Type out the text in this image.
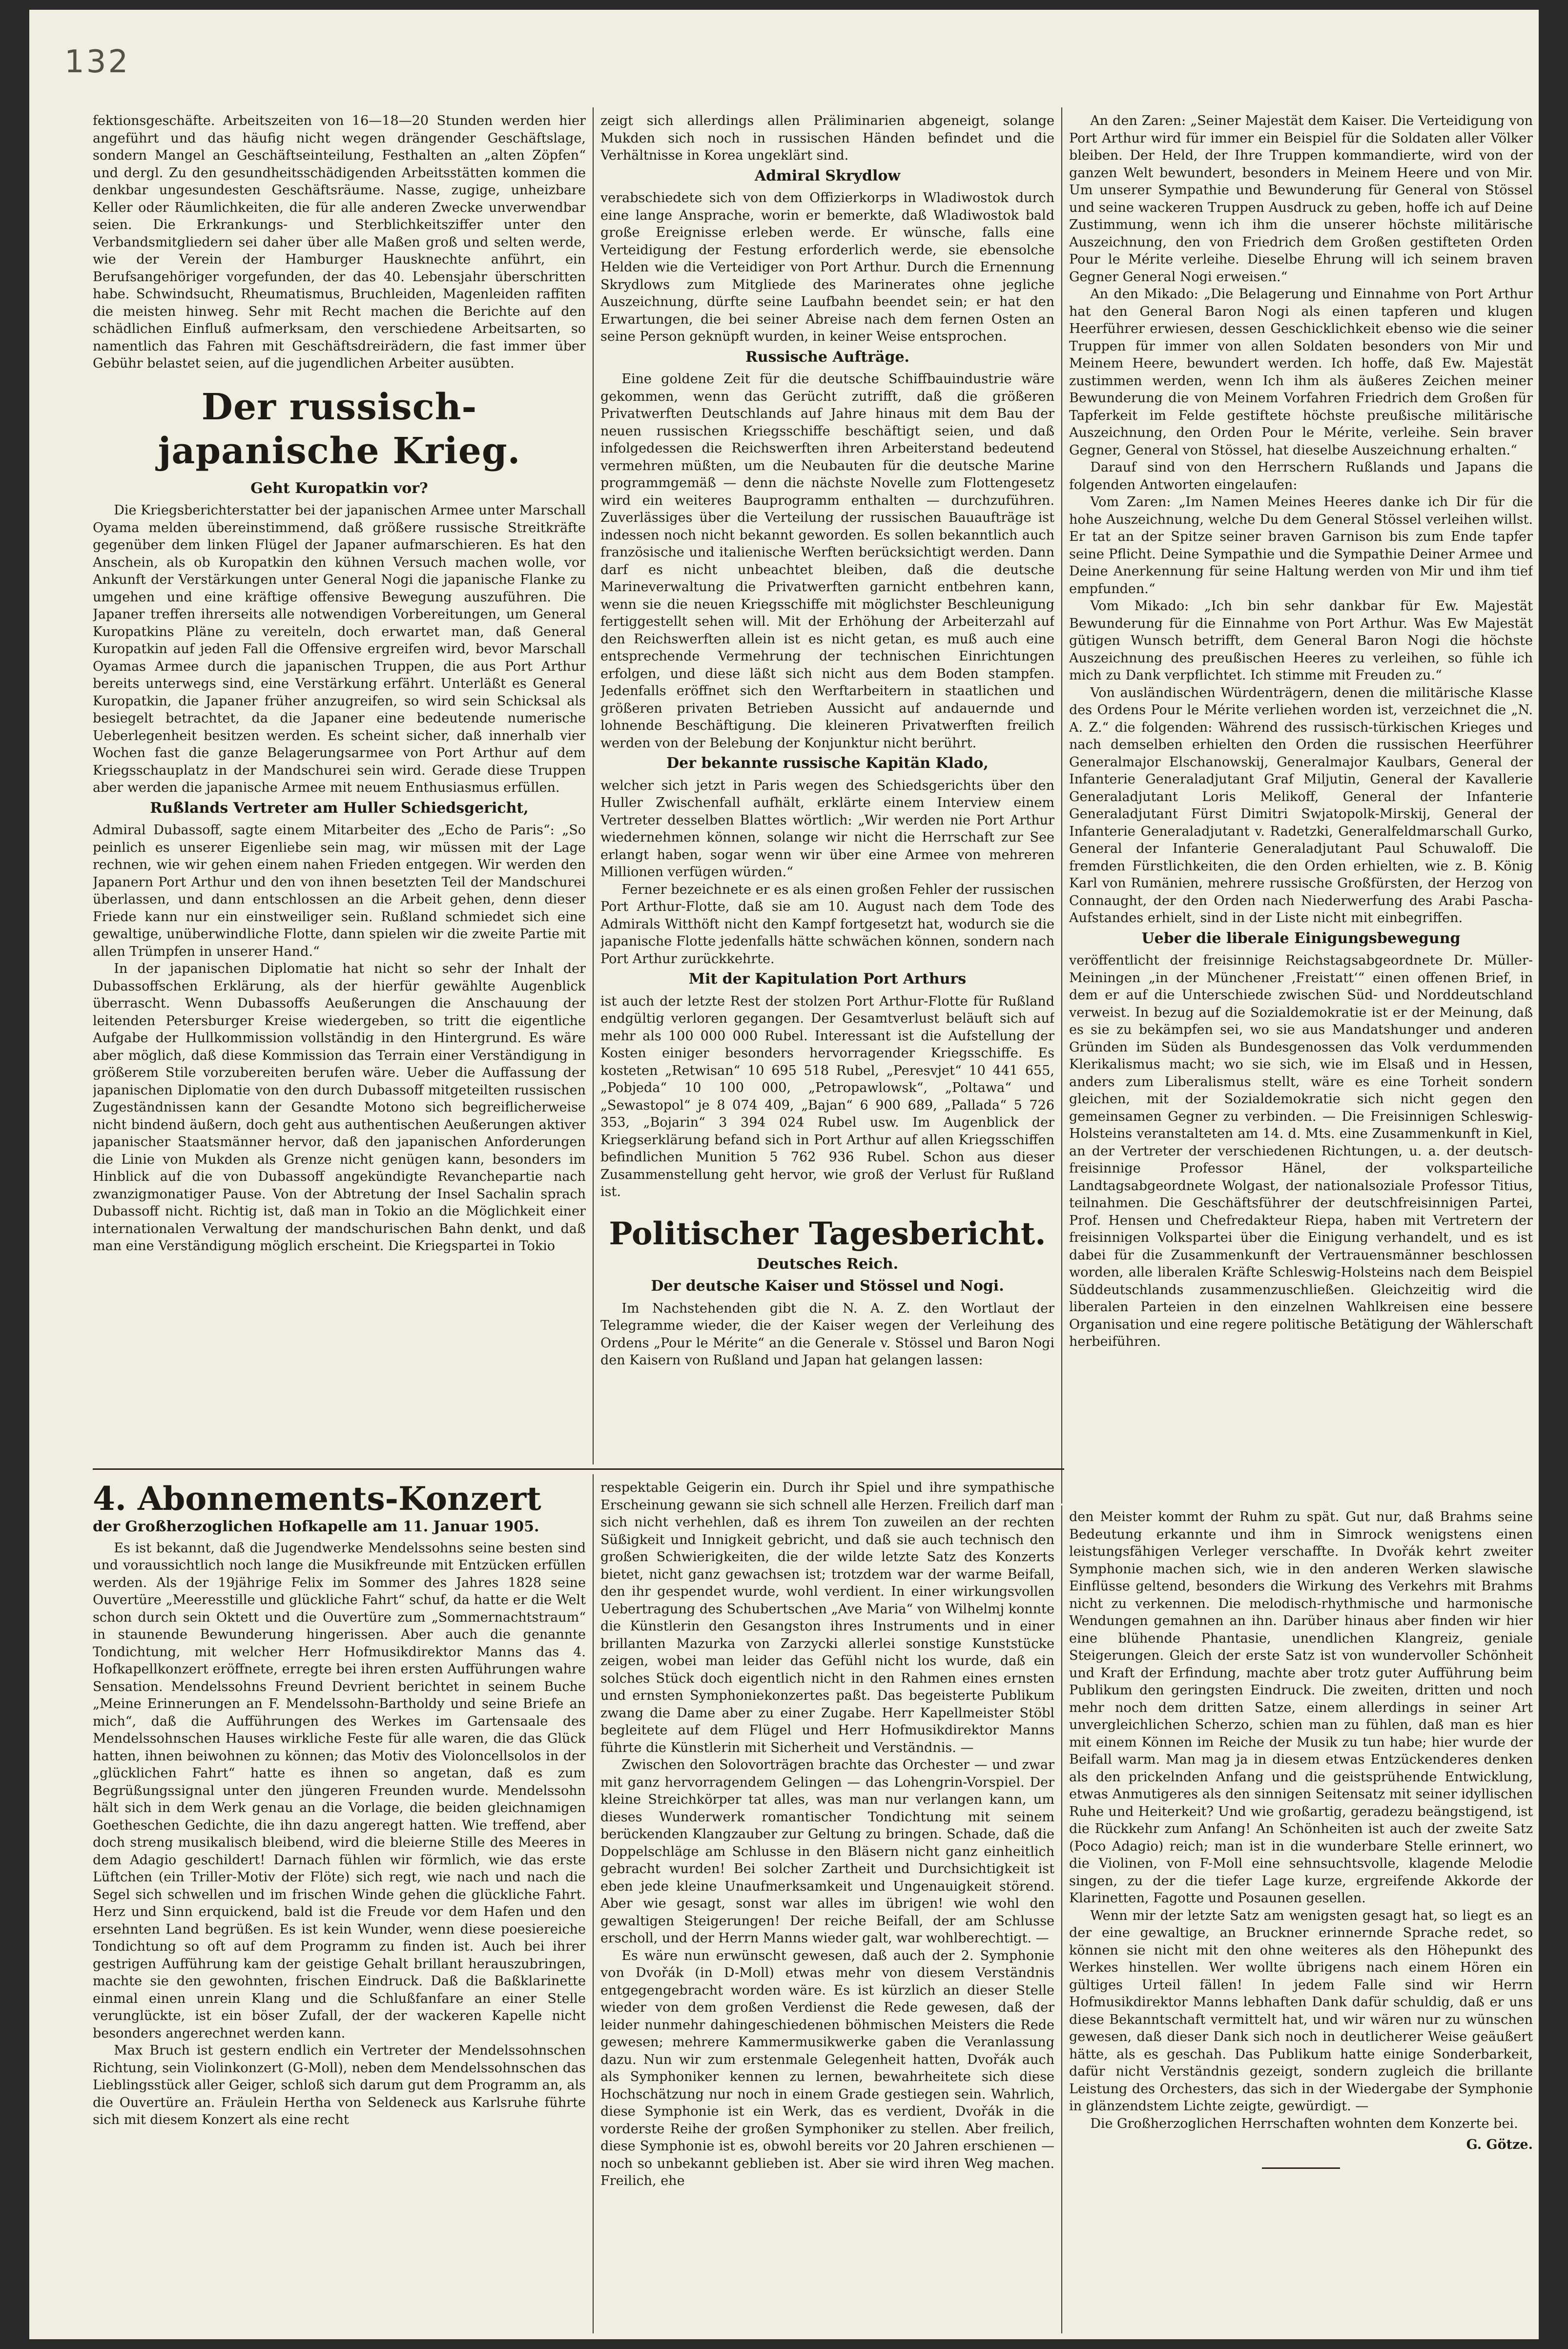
132

fektionsgeschäfte. Arbeitszeiten von 16—18—20 Stunden werden hier angeführt und das häufig nicht wegen drängender Geschäftslage, sondern Mangel an Geschäftseinteilung, Festhalten an „alten Zöpfen“ und dergl. Zu den gesundheitsschädigenden Arbeitsstätten kommen die denkbar ungesundesten Geschäftsräume. Nasse, zugige, unheizbare Keller oder Räumlichkeiten, die für alle anderen Zwecke unverwendbar seien. Die Erkrankungs- und Sterblichkeitsziffer unter den Verbandsmitgliedern sei daher über alle Maßen groß und selten werde, wie der Verein der Hamburger Hausknechte anführt, ein Berufsangehöriger vorgefunden, der das 40. Lebensjahr überschritten habe. Schwindsucht, Rheumatismus, Bruchleiden, Magenleiden raffiten die meisten hinweg. Sehr mit Recht machen die Berichte auf den schädlichen Einfluß aufmerksam, den verschiedene Arbeitsarten, so namentlich das Fahren mit Geschäftsdreirädern, die fast immer über Gebühr belastet seien, auf die jugendlichen Arbeiter ausübten.

Der russisch-japanische Krieg.
Geht Kuropatkin vor?

Die Kriegsberichterstatter bei der japanischen Armee unter Marschall Oyama melden übereinstimmend, daß größere russische Streitkräfte gegenüber dem linken Flügel der Japaner aufmarschieren. Es hat den Anschein, als ob Kuropatkin den kühnen Versuch machen wolle, vor Ankunft der Verstärkungen unter General Nogi die japanische Flanke zu umgehen und eine kräftige offensive Bewegung auszuführen. Die Japaner treffen ihrerseits alle notwendigen Vorbereitungen, um General Kuropatkins Pläne zu vereiteln, doch erwartet man, daß General Kuropatkin auf jeden Fall die Offensive ergreifen wird, bevor Marschall Oyamas Armee durch die japanischen Truppen, die aus Port Arthur bereits unterwegs sind, eine Verstärkung erfährt. Unterläßt es General Kuropatkin, die Japaner früher anzugreifen, so wird sein Schicksal als besiegelt betrachtet, da die Japaner eine bedeutende numerische Ueberlegenheit besitzen werden. Es scheint sicher, daß innerhalb vier Wochen fast die ganze Belagerungsarmee von Port Arthur auf dem Kriegsschauplatz in der Mandschurei sein wird. Gerade diese Truppen aber werden die japanische Armee mit neuem Enthusiasmus erfüllen.

Rußlands Vertreter am Huller Schiedsgericht,

Admiral Dubassoff, sagte einem Mitarbeiter des „Echo de Paris“: „So peinlich es unserer Eigenliebe sein mag, wir müssen mit der Lage rechnen, wie wir gehen einem nahen Frieden entgegen. Wir werden den Japanern Port Arthur und den von ihnen besetzten Teil der Mandschurei überlassen, und dann entschlossen an die Arbeit gehen, denn dieser Friede kann nur ein einstweiliger sein. Rußland schmiedet sich eine gewaltige, unüberwindliche Flotte, dann spielen wir die zweite Partie mit allen Trümpfen in unserer Hand.“

In der japanischen Diplomatie hat nicht so sehr der Inhalt der Dubassoffschen Erklärung, als der hierfür gewählte Augenblick überrascht. Wenn Dubassoffs Aeußerungen die Anschauung der leitenden Petersburger Kreise wiedergeben, so tritt die eigentliche Aufgabe der Hullkommission vollständig in den Hintergrund. Es wäre aber möglich, daß diese Kommission das Terrain einer Verständigung in größerem Stile vorzubereiten berufen wäre. Ueber die Auffassung der japanischen Diplomatie von den durch Dubassoff mitgeteilten russischen Zugeständnissen kann der Gesandte Motono sich begreiflicherweise nicht bindend äußern, doch geht aus authentischen Aeußerungen aktiver japanischer Staatsmänner hervor, daß den japanischen Anforderungen die Linie von Mukden als Grenze nicht genügen kann, besonders im Hinblick auf die von Dubassoff angekündigte Revanchepartie nach zwanzigmonatiger Pause. Von der Abtretung der Insel Sachalin sprach Dubassoff nicht. Richtig ist, daß man in Tokio an die Möglichkeit einer internationalen Verwaltung der mandschurischen Bahn denkt, und daß man eine Verständigung möglich erscheint. Die Kriegspartei in Tokio

zeigt sich allerdings allen Präliminarien abgeneigt, solange Mukden sich noch in russischen Händen befindet und die Verhältnisse in Korea ungeklärt sind.

Admiral Skrydlow

verabschiedete sich von dem Offizierkorps in Wladiwostok durch eine lange Ansprache, worin er bemerkte, daß Wladiwostok bald große Ereignisse erleben werde. Er wünsche, falls eine Verteidigung der Festung erforderlich werde, sie ebensolche Helden wie die Verteidiger von Port Arthur. Durch die Ernennung Skrydlows zum Mitgliede des Marinerates ohne jegliche Auszeichnung, dürfte seine Laufbahn beendet sein; er hat den Erwartungen, die bei seiner Abreise nach dem fernen Osten an seine Person geknüpft wurden, in keiner Weise entsprochen.

Russische Aufträge.

Eine goldene Zeit für die deutsche Schiffbauindustrie wäre gekommen, wenn das Gerücht zutrifft, daß die größeren Privatwerften Deutschlands auf Jahre hinaus mit dem Bau der neuen russischen Kriegsschiffe beschäftigt seien, und daß infolgedessen die Reichswerften ihren Arbeiterstand bedeutend vermehren müßten, um die Neubauten für die deutsche Marine programmgemäß — denn die nächste Novelle zum Flottengesetz wird ein weiteres Bauprogramm enthalten — durchzuführen. Zuverlässiges über die Verteilung der russischen Bauaufträge ist indessen noch nicht bekannt geworden. Es sollen bekanntlich auch französische und italienische Werften berücksichtigt werden. Dann darf es nicht unbeachtet bleiben, daß die deutsche Marineverwaltung die Privatwerften garnicht entbehren kann, wenn sie die neuen Kriegsschiffe mit möglichster Beschleunigung fertiggestellt sehen will. Mit der Erhöhung der Arbeiterzahl auf den Reichswerften allein ist es nicht getan, es muß auch eine entsprechende Vermehrung der technischen Einrichtungen erfolgen, und diese läßt sich nicht aus dem Boden stampfen. Jedenfalls eröffnet sich den Werftarbeitern in staatlichen und größeren privaten Betrieben Aussicht auf andauernde und lohnende Beschäftigung. Die kleineren Privatwerften freilich werden von der Belebung der Konjunktur nicht berührt.

Der bekannte russische Kapitän Klado,

welcher sich jetzt in Paris wegen des Schiedsgerichts über den Huller Zwischenfall aufhält, erklärte einem Interview einem Vertreter desselben Blattes wörtlich: „Wir werden nie Port Arthur wiedernehmen können, solange wir nicht die Herrschaft zur See erlangt haben, sogar wenn wir über eine Armee von mehreren Millionen verfügen würden.“

Ferner bezeichnete er es als einen großen Fehler der russischen Port Arthur-Flotte, daß sie am 10. August nach dem Tode des Admirals Witthöft nicht den Kampf fortgesetzt hat, wodurch sie die japanische Flotte jedenfalls hätte schwächen können, sondern nach Port Arthur zurückkehrte.

Mit der Kapitulation Port Arthurs

ist auch der letzte Rest der stolzen Port Arthur-Flotte für Rußland endgültig verloren gegangen. Der Gesamtverlust beläuft sich auf mehr als 100 000 000 Rubel. Interessant ist die Aufstellung der Kosten einiger besonders hervorragender Kriegsschiffe. Es kosteten „Retwisan“ 10 695 518 Rubel, „Peresvjet“ 10 441 655, „Pobjeda“ 10 100 000, „Petropawlowsk“, „Poltawa“ und „Sewastopol“ je 8 074 409, „Bajan“ 6 900 689, „Pallada“ 5 726 353, „Bojarin“ 3 394 024 Rubel usw. Im Augenblick der Kriegserklärung befand sich in Port Arthur auf allen Kriegsschiffen befindlichen Munition 5 762 936 Rubel. Schon aus dieser Zusammenstellung geht hervor, wie groß der Verlust für Rußland ist.

Politischer Tagesbericht.
Deutsches Reich.
Der deutsche Kaiser und Stössel und Nogi.

Im Nachstehenden gibt die N. A. Z. den Wortlaut der Telegramme wieder, die der Kaiser wegen der Verleihung des Ordens „Pour le Mérite“ an die Generale v. Stössel und Baron Nogi den Kaisern von Rußland und Japan hat gelangen lassen:

An den Zaren: „Seiner Majestät dem Kaiser. Die Verteidigung von Port Arthur wird für immer ein Beispiel für die Soldaten aller Völker bleiben. Der Held, der Ihre Truppen kommandierte, wird von der ganzen Welt bewundert, besonders in Meinem Heere und von Mir. Um unserer Sympathie und Bewunderung für General von Stössel und seine wackeren Truppen Ausdruck zu geben, hoffe ich auf Deine Zustimmung, wenn ich ihm die unserer höchste militärische Auszeichnung, den von Friedrich dem Großen gestifteten Orden Pour le Mérite verleihe. Dieselbe Ehrung will ich seinem braven Gegner General Nogi erweisen.“

An den Mikado: „Die Belagerung und Einnahme von Port Arthur hat den General Baron Nogi als einen tapferen und klugen Heerführer erwiesen, dessen Geschicklichkeit ebenso wie die seiner Truppen für immer von allen Soldaten besonders von Mir und Meinem Heere, bewundert werden. Ich hoffe, daß Ew. Majestät zustimmen werden, wenn Ich ihm als äußeres Zeichen meiner Bewunderung die von Meinem Vorfahren Friedrich dem Großen für Tapferkeit im Felde gestiftete höchste preußische militärische Auszeichnung, den Orden Pour le Mérite, verleihe. Sein braver Gegner, General von Stössel, hat dieselbe Auszeichnung erhalten.“

Darauf sind von den Herrschern Rußlands und Japans die folgenden Antworten eingelaufen:

Vom Zaren: „Im Namen Meines Heeres danke ich Dir für die hohe Auszeichnung, welche Du dem General Stössel verleihen willst. Er tat an der Spitze seiner braven Garnison bis zum Ende tapfer seine Pflicht. Deine Sympathie und die Sympathie Deiner Armee und Deine Anerkennung für seine Haltung werden von Mir und ihm tief empfunden.“

Vom Mikado: „Ich bin sehr dankbar für Ew. Majestät Bewunderung für die Einnahme von Port Arthur. Was Ew Majestät gütigen Wunsch betrifft, dem General Baron Nogi die höchste Auszeichnung des preußischen Heeres zu verleihen, so fühle ich mich zu Dank verpflichtet. Ich stimme mit Freuden zu.“

Von ausländischen Würdenträgern, denen die militärische Klasse des Ordens Pour le Mérite verliehen worden ist, verzeichnet die „N. A. Z.“ die folgenden: Während des russisch-türkischen Krieges und nach demselben erhielten den Orden die russischen Heerführer Generalmajor Elschanowskij, Generalmajor Kaulbars, General der Infanterie Generaladjutant Graf Miljutin, General der Kavallerie Generaladjutant Loris Melikoff, General der Infanterie Generaladjutant Fürst Dimitri Swjatopolk-Mirskij, General der Infanterie Generaladjutant v. Radetzki, Generalfeldmarschall Gurko, General der Infanterie Generaladjutant Paul Schuwaloff. Die fremden Fürstlichkeiten, die den Orden erhielten, wie z. B. König Karl von Rumänien, mehrere russische Großfürsten, der Herzog von Connaught, der den Orden nach Niederwerfung des Arabi Pascha-Aufstandes erhielt, sind in der Liste nicht mit einbegriffen.

Ueber die liberale Einigungsbewegung

veröffentlicht der freisinnige Reichstagsabgeordnete Dr. Müller-Meiningen „in der Münchener ‚Freistatt‘“ einen offenen Brief, in dem er auf die Unterschiede zwischen Süd- und Norddeutschland verweist. In bezug auf die Sozialdemokratie ist er der Meinung, daß es sie zu bekämpfen sei, wo sie aus Mandatshunger und anderen Gründen im Süden als Bundesgenossen das Volk verdummenden Klerikalismus macht; wo sie sich, wie im Elsaß und in Hessen, anders zum Liberalismus stellt, wäre es eine Torheit sondern gleichen, mit der Sozialdemokratie sich nicht gegen den gemeinsamen Gegner zu verbinden. — Die Freisinnigen Schleswig-Holsteins veranstalteten am 14. d. Mts. eine Zusammenkunft in Kiel, an der Vertreter der verschiedenen Richtungen, u. a. der deutsch-freisinnige Professor Hänel, der volksparteiliche Landtagsabgeordnete Wolgast, der nationalsoziale Professor Titius, teilnahmen. Die Geschäftsführer der deutschfreisinnigen Partei, Prof. Hensen und Chefredakteur Riepa, haben mit Vertretern der freisinnigen Volkspartei über die Einigung verhandelt, und es ist dabei für die Zusammenkunft der Vertrauensmänner beschlossen worden, alle liberalen Kräfte Schleswig-Holsteins nach dem Beispiel Süddeutschlands zusammenzuschließen. Gleichzeitig wird die liberalen Parteien in den einzelnen Wahlkreisen eine bessere Organisation und eine regere politische Betätigung der Wählerschaft herbeiführen.

4. Abonnements-Konzert
der Großherzoglichen Hofkapelle am 11. Januar 1905.

Es ist bekannt, daß die Jugendwerke Mendelssohns seine besten sind und voraussichtlich noch lange die Musikfreunde mit Entzücken erfüllen werden. Als der 19jährige Felix im Sommer des Jahres 1828 seine Ouvertüre „Meeresstille und glückliche Fahrt“ schuf, da hatte er die Welt schon durch sein Oktett und die Ouvertüre zum „Sommernachtstraum“ in staunende Bewunderung hingerissen. Aber auch die genannte Tondichtung, mit welcher Herr Hofmusikdirektor Manns das 4. Hofkapellkonzert eröffnete, erregte bei ihren ersten Aufführungen wahre Sensation. Mendelssohns Freund Devrient berichtet in seinem Buche „Meine Erinnerungen an F. Mendelssohn-Bartholdy und seine Briefe an mich“, daß die Aufführungen des Werkes im Gartensaale des Mendelssohnschen Hauses wirkliche Feste für alle waren, die das Glück hatten, ihnen beiwohnen zu können; das Motiv des Violoncellsolos in der „glücklichen Fahrt“ hatte es ihnen so angetan, daß es zum Begrüßungssignal unter den jüngeren Freunden wurde. Mendelssohn hält sich in dem Werk genau an die Vorlage, die beiden gleichnamigen Goetheschen Gedichte, die ihn dazu angeregt hatten. Wie treffend, aber doch streng musikalisch bleibend, wird die bleierne Stille des Meeres in dem Adagio geschildert! Darnach fühlen wir förmlich, wie das erste Lüftchen (ein Triller-Motiv der Flöte) sich regt, wie nach und nach die Segel sich schwellen und im frischen Winde gehen die glückliche Fahrt. Herz und Sinn erquickend, bald ist die Freude vor dem Hafen und den ersehnten Land begrüßen. Es ist kein Wunder, wenn diese poesiereiche Tondichtung so oft auf dem Programm zu finden ist. Auch bei ihrer gestrigen Aufführung kam der geistige Gehalt brillant herauszubringen, machte sie den gewohnten, frischen Eindruck. Daß die Baßklarinette einmal einen unrein Klang und die Schlußfanfare an einer Stelle verunglückte, ist ein böser Zufall, der der wackeren Kapelle nicht besonders angerechnet werden kann.

Max Bruch ist gestern endlich ein Vertreter der Mendelssohnschen Richtung, sein Violinkonzert (G-Moll), neben dem Mendelssohnschen das Lieblingsstück aller Geiger, schloß sich darum gut dem Programm an, als die Ouvertüre an. Fräulein Hertha von Seldeneck aus Karlsruhe führte sich mit diesem Konzert als eine recht

respektable Geigerin ein. Durch ihr Spiel und ihre sympathische Erscheinung gewann sie sich schnell alle Herzen. Freilich darf man sich nicht verhehlen, daß es ihrem Ton zuweilen an der rechten Süßigkeit und Innigkeit gebricht, und daß sie auch technisch den großen Schwierigkeiten, die der wilde letzte Satz des Konzerts bietet, nicht ganz gewachsen ist; trotzdem war der warme Beifall, den ihr gespendet wurde, wohl verdient. In einer wirkungsvollen Uebertragung des Schubertschen „Ave Maria“ von Wilhelmj konnte die Künstlerin den Gesangston ihres Instruments und in einer brillanten Mazurka von Zarzycki allerlei sonstige Kunststücke zeigen, wobei man leider das Gefühl nicht los wurde, daß ein solches Stück doch eigentlich nicht in den Rahmen eines ernsten und ernsten Symphoniekonzertes paßt. Das begeisterte Publikum zwang die Dame aber zu einer Zugabe. Herr Kapellmeister Stöbl begleitete auf dem Flügel und Herr Hofmusikdirektor Manns führte die Künstlerin mit Sicherheit und Verständnis. —

Zwischen den Solovorträgen brachte das Orchester — und zwar mit ganz hervorragendem Gelingen — das Lohengrin-Vorspiel. Der kleine Streichkörper tat alles, was man nur verlangen kann, um dieses Wunderwerk romantischer Tondichtung mit seinem berückenden Klangzauber zur Geltung zu bringen. Schade, daß die Doppelschläge am Schlusse in den Bläsern nicht ganz einheitlich gebracht wurden! Bei solcher Zartheit und Durchsichtigkeit ist eben jede kleine Unaufmerksamkeit und Ungenauigkeit störend. Aber wie gesagt, sonst war alles im übrigen! wie wohl den gewaltigen Steigerungen! Der reiche Beifall, der am Schlusse erscholl, und der Herrn Manns wieder galt, war wohlberechtigt. —

Es wäre nun erwünscht gewesen, daß auch der 2. Symphonie von Dvořák (in D-Moll) etwas mehr von diesem Verständnis entgegengebracht worden wäre. Es ist kürzlich an dieser Stelle wieder von dem großen Verdienst die Rede gewesen, daß der leider nunmehr dahingeschiedenen böhmischen Meisters die Rede gewesen; mehrere Kammermusikwerke gaben die Veranlassung dazu. Nun wir zum erstenmale Gelegenheit hatten, Dvořák auch als Symphoniker kennen zu lernen, bewahrheitete sich diese Hochschätzung nur noch in einem Grade gestiegen sein. Wahrlich, diese Symphonie ist ein Werk, das es verdient, Dvořák in die vorderste Reihe der großen Symphoniker zu stellen. Aber freilich, diese Symphonie ist es, obwohl bereits vor 20 Jahren erschienen — noch so unbekannt geblieben ist. Aber sie wird ihren Weg machen. Freilich, ehe

den Meister kommt der Ruhm zu spät. Gut nur, daß Brahms seine Bedeutung erkannte und ihm in Simrock wenigstens einen leistungsfähigen Verleger verschaffte. In Dvořák kehrt zweiter Symphonie machen sich, wie in den anderen Werken slawische Einflüsse geltend, besonders die Wirkung des Verkehrs mit Brahms nicht zu verkennen. Die melodisch-rhythmische und harmonische Wendungen gemahnen an ihn. Darüber hinaus aber finden wir hier eine blühende Phantasie, unendlichen Klangreiz, geniale Steigerungen. Gleich der erste Satz ist von wundervoller Schönheit und Kraft der Erfindung, machte aber trotz guter Aufführung beim Publikum den geringsten Eindruck. Die zweiten, dritten und noch mehr noch dem dritten Satze, einem allerdings in seiner Art unvergleichlichen Scherzo, schien man zu fühlen, daß man es hier mit einem Können im Reiche der Musik zu tun habe; hier wurde der Beifall warm. Man mag ja in diesem etwas Entzückenderes denken als den prickelnden Anfang und die geistsprühende Entwicklung, etwas Anmutigeres als den sinnigen Seitensatz mit seiner idyllischen Ruhe und Heiterkeit? Und wie großartig, geradezu beängstigend, ist die Rückkehr zum Anfang! An Schönheiten ist auch der zweite Satz (Poco Adagio) reich; man ist in die wunderbare Stelle erinnert, wo die Violinen, von F-Moll eine sehnsuchtsvolle, klagende Melodie singen, zu der die tiefer Lage kurze, ergreifende Akkorde der Klarinetten, Fagotte und Posaunen gesellen.

Wenn mir der letzte Satz am wenigsten gesagt hat, so liegt es an der eine gewaltige, an Bruckner erinnernde Sprache redet, so können sie nicht mit den ohne weiteres als den Höhepunkt des Werkes hinstellen. Wer wollte übrigens nach einem Hören ein gültiges Urteil fällen! In jedem Falle sind wir Herrn Hofmusikdirektor Manns lebhaften Dank dafür schuldig, daß er uns diese Bekanntschaft vermittelt hat, und wir wären nur zu wünschen gewesen, daß dieser Dank sich noch in deutlicherer Weise geäußert hätte, als es geschah. Das Publikum hatte einige Sonderbarkeit, dafür nicht Verständnis gezeigt, sondern zugleich die brillante Leistung des Orchesters, das sich in der Wiedergabe der Symphonie in glänzendstem Lichte zeigte, gewürdigt. —

Die Großherzoglichen Herrschaften wohnten dem Konzerte bei.

G. Götze.
